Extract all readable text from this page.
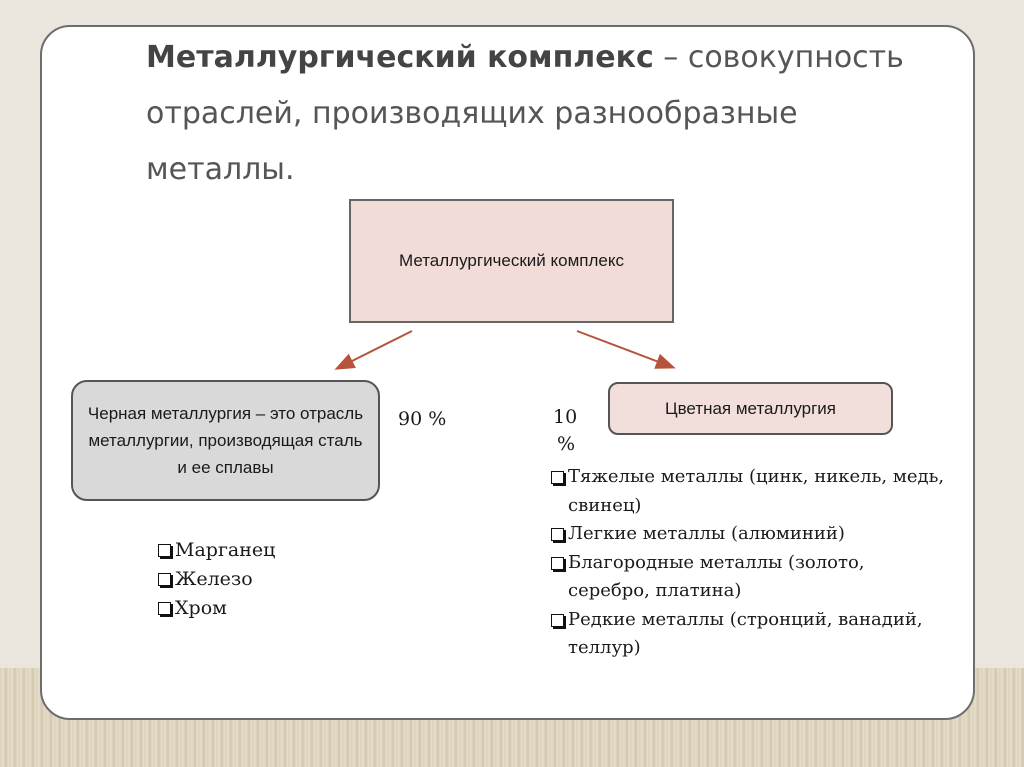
Металлургический комплекс – совокупность отраслей, производящих разнообразные металлы.

Металлургический комплекс
Черная металлургия – это отрасль металлургии, производящая сталь и ее сплавы
Цветная металлургия
90 %	10
%
Марганец
Железо
Хром
Тяжелые металлы (цинк, никель, медь, свинец)
Легкие металлы (алюминий)
Благородные металлы (золото, серебро, платина)
Редкие металлы (стронций, ванадий, теллур)
